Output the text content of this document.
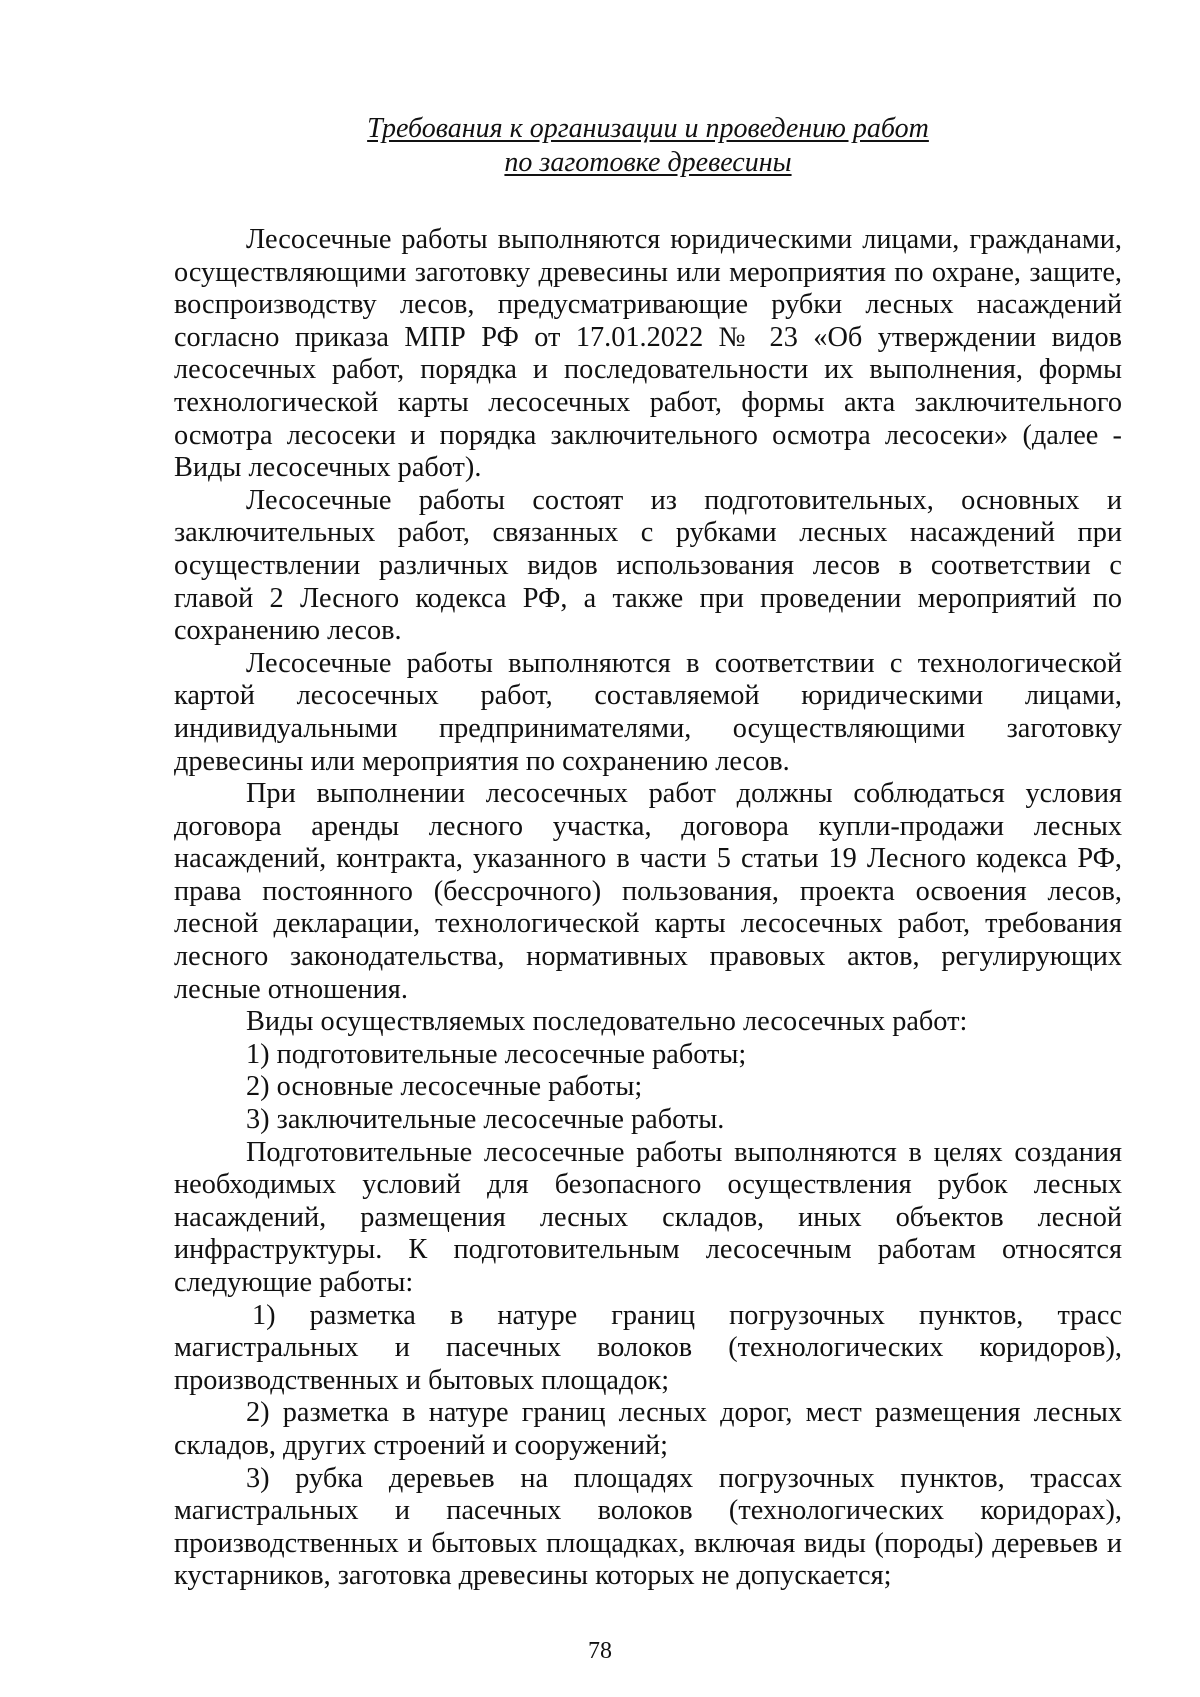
Требования к организации и проведению работ
по заготовке древесины

Лесосечные работы выполняются юридическими лицами, гражданами, осуществляющими заготовку древесины или мероприятия по охране, защите, воспроизводству лесов, предусматривающие рубки лесных насаждений согласно приказа МПР РФ от 17.01.2022 № 23 «Об утверждении видов лесосечных работ, порядка и последовательности их выполнения, формы технологической карты лесосечных работ, формы акта заключительного осмотра лесосеки и порядка заключительного осмотра лесосеки» (далее - Виды лесосечных работ).

Лесосечные работы состоят из подготовительных, основных и заключительных работ, связанных с рубками лесных насаждений при осуществлении различных видов использования лесов в соответствии с главой 2 Лесного кодекса РФ, а также при проведении мероприятий по сохранению лесов.

Лесосечные работы выполняются в соответствии с технологической картой лесосечных работ, составляемой юридическими лицами, индивидуальными предпринимателями, осуществляющими заготовку древесины или мероприятия по сохранению лесов.

При выполнении лесосечных работ должны соблюдаться условия договора аренды лесного участка, договора купли-продажи лесных насаждений, контракта, указанного в части 5 статьи 19 Лесного кодекса РФ, права постоянного (бессрочного) пользования, проекта освоения лесов, лесной декларации, технологической карты лесосечных работ, требования лесного законодательства, нормативных правовых актов, регулирующих лесные отношения.

Виды осуществляемых последовательно лесосечных работ:

1) подготовительные лесосечные работы;

2) основные лесосечные работы;

3) заключительные лесосечные работы.

Подготовительные лесосечные работы выполняются в целях создания необходимых условий для безопасного осуществления рубок лесных насаждений, размещения лесных складов, иных объектов лесной инфраструктуры. К подготовительным лесосечным работам относятся следующие работы:

1) разметка в натуре границ погрузочных пунктов, трасс магистральных и пасечных волоков (технологических коридоров), производственных и бытовых площадок;

2) разметка в натуре границ лесных дорог, мест размещения лесных складов, других строений и сооружений;

3) рубка деревьев на площадях погрузочных пунктов, трассах магистральных и пасечных волоков (технологических коридорах), производственных и бытовых площадках, включая виды (породы) деревьев и кустарников, заготовка древесины которых не допускается;

78
